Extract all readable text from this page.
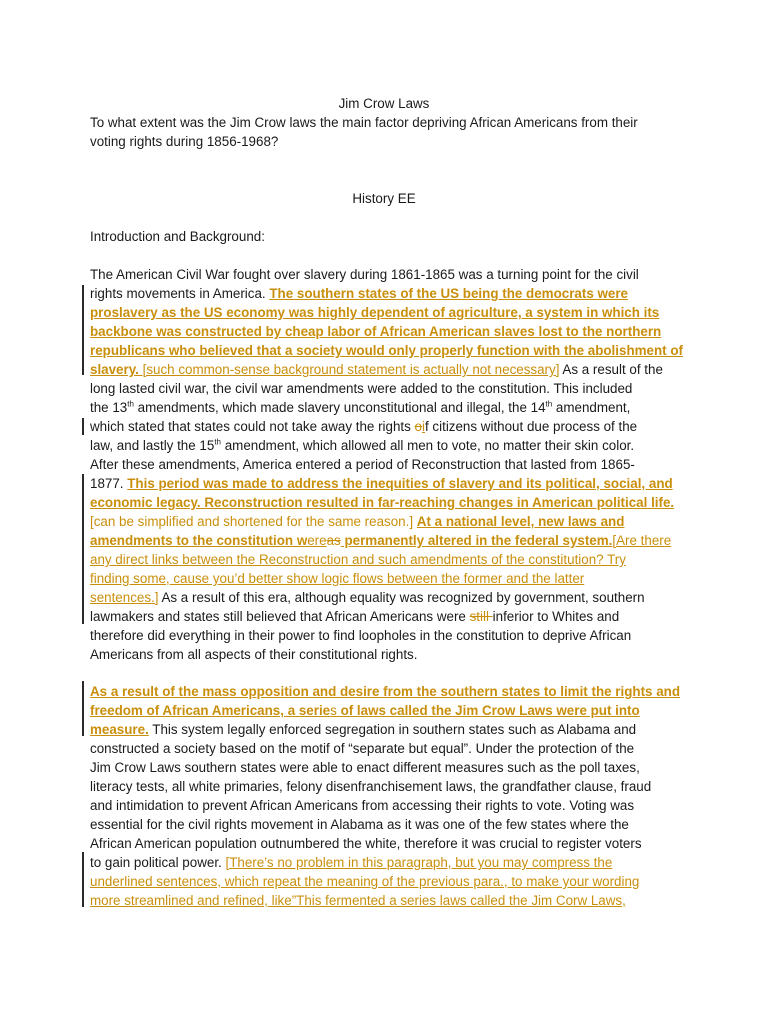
Jim Crow Laws
To what extent was the Jim Crow laws the main factor depriving African Americans from their
voting rights during 1856-1968?
History EE
Introduction and Background:
The American Civil War fought over slavery during 1861-1865 was a turning point for the civil
rights movements in America. The southern states of the US being the democrats were
proslavery as the US economy was highly dependent of agriculture, a system in which its
backbone was constructed by cheap labor of African American slaves lost to the northern
republicans who believed that a society would only properly function with the abolishment of
slavery. [such common-sense background statement is actually not necessary] As a result of the
long lasted civil war, the civil war amendments were added to the constitution. This included
the 13th amendments, which made slavery unconstitutional and illegal, the 14th amendment,
which stated that states could not take away the rights oif citizens without due process of the
law, and lastly the 15th amendment, which allowed all men to vote, no matter their skin color.
After these amendments, America entered a period of Reconstruction that lasted from 1865-
1877. This period was made to address the inequities of slavery and its political, social, and
economic legacy. Reconstruction resulted in far-reaching changes in American political life.
[can be simplified and shortened for the same reason.] At a national level, new laws and
amendments to the constitution wereas permanently altered in the federal system.[Are there
any direct links between the Reconstruction and such amendments of the constitution? Try
finding some, cause you’d better show logic flows between the former and the latter
sentences.] As a result of this era, although equality was recognized by government, southern
lawmakers and states still believed that African Americans were still inferior to Whites and
therefore did everything in their power to find loopholes in the constitution to deprive African
Americans from all aspects of their constitutional rights.
As a result of the mass opposition and desire from the southern states to limit the rights and
freedom of African Americans, a series of laws called the Jim Crow Laws were put into
measure. This system legally enforced segregation in southern states such as Alabama and
constructed a society based on the motif of “separate but equal”. Under the protection of the
Jim Crow Laws southern states were able to enact different measures such as the poll taxes,
literacy tests, all white primaries, felony disenfranchisement laws, the grandfather clause, fraud
and intimidation to prevent African Americans from accessing their rights to vote. Voting was
essential for the civil rights movement in Alabama as it was one of the few states where the
African American population outnumbered the white, therefore it was crucial to register voters
to gain political power. [There’s no problem in this paragraph, but you may compress the
underlined sentences, which repeat the meaning of the previous para., to make your wording
more streamlined and refined, like”This fermented a series laws called the Jim Corw Laws,
